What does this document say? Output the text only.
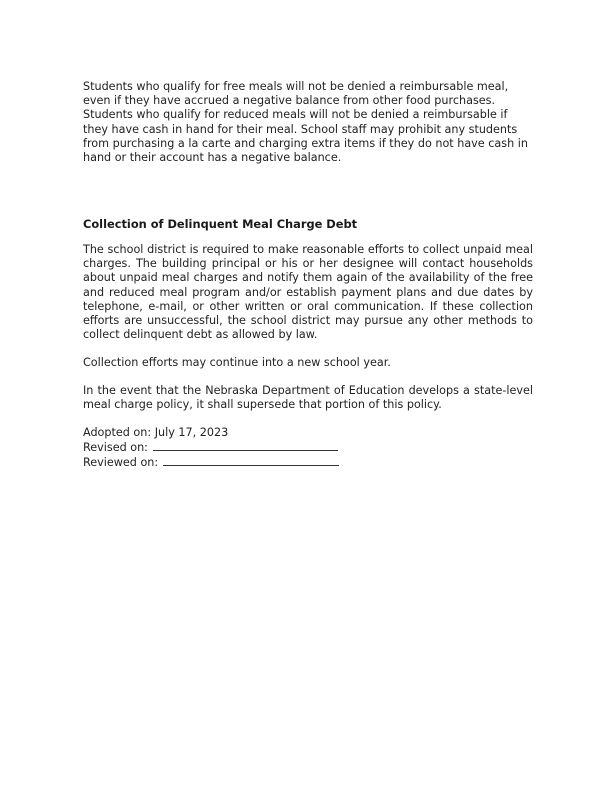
Students who qualify for free meals will not be denied a reimbursable meal, even if they have accrued a negative balance from other food purchases. Students who qualify for reduced meals will not be denied a reimbursable if they have cash in hand for their meal. School staff may prohibit any students from purchasing a la carte and charging extra items if they do not have cash in hand or their account has a negative balance.

Collection of Delinquent Meal Charge Debt

The school district is required to make reasonable efforts to collect unpaid meal charges. The building principal or his or her designee will contact households about unpaid meal charges and notify them again of the availability of the free and reduced meal program and/or establish payment plans and due dates by telephone, e-mail, or other written or oral communication. If these collection efforts are unsuccessful, the school district may pursue any other methods to collect delinquent debt as allowed by law.

Collection efforts may continue into a new school year.

In the event that the Nebraska Department of Education develops a state-level meal charge policy, it shall supersede that portion of this policy.

Adopted on: July 17, 2023
Revised on:
Reviewed on:
